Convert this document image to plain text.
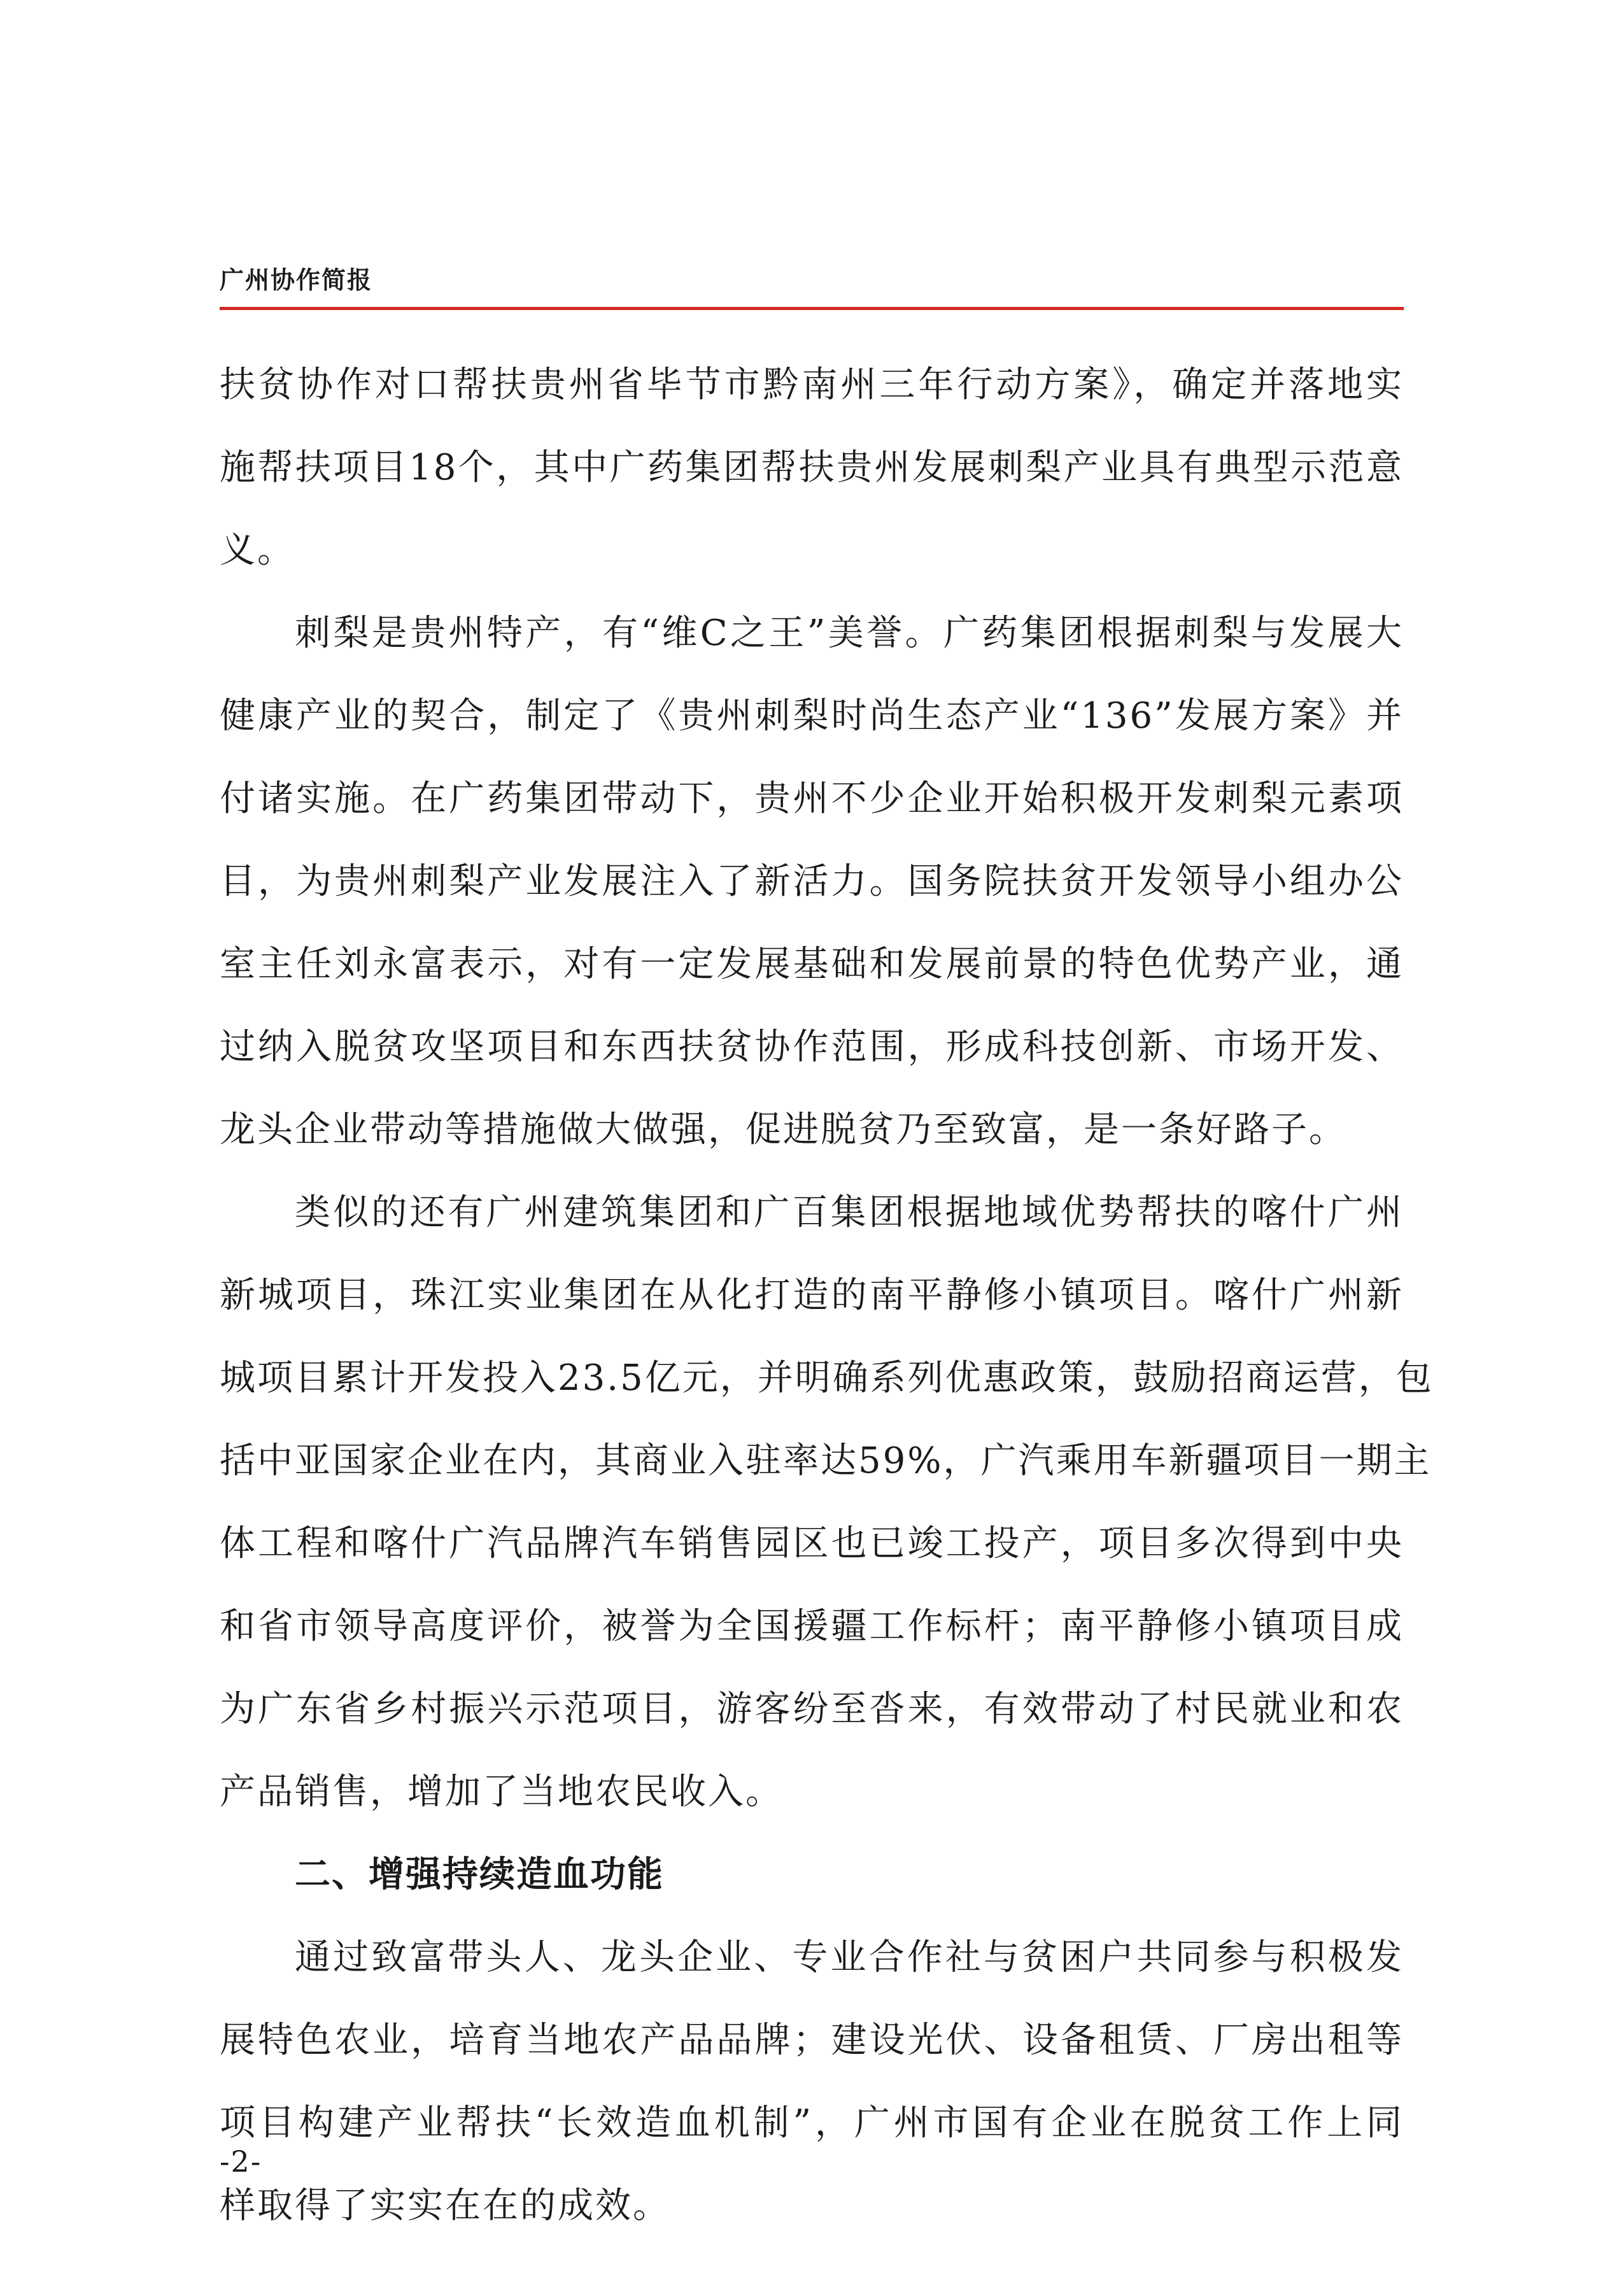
广州协作简报
扶贫协作对口帮扶贵州省毕节市黔南州三年行动方案》，确定并落地实
施帮扶项目18个，其中广药集团帮扶贵州发展刺梨产业具有典型示范意
义。
刺梨是贵州特产，有“维C之王”美誉。广药集团根据刺梨与发展大
健康产业的契合，制定了《贵州刺梨时尚生态产业“136”发展方案》并
付诸实施。在广药集团带动下，贵州不少企业开始积极开发刺梨元素项
目，为贵州刺梨产业发展注入了新活力。国务院扶贫开发领导小组办公
室主任刘永富表示，对有一定发展基础和发展前景的特色优势产业，通
过纳入脱贫攻坚项目和东西扶贫协作范围，形成科技创新、市场开发、
龙头企业带动等措施做大做强，促进脱贫乃至致富，是一条好路子。
类似的还有广州建筑集团和广百集团根据地域优势帮扶的喀什广州
新城项目，珠江实业集团在从化打造的南平静修小镇项目。喀什广州新
城项目累计开发投入23.5亿元，并明确系列优惠政策，鼓励招商运营，包
括中亚国家企业在内，其商业入驻率达59%，广汽乘用车新疆项目一期主
体工程和喀什广汽品牌汽车销售园区也已竣工投产，项目多次得到中央
和省市领导高度评价，被誉为全国援疆工作标杆；南平静修小镇项目成
为广东省乡村振兴示范项目，游客纷至沓来，有效带动了村民就业和农
产品销售，增加了当地农民收入。
二、增强持续造血功能
通过致富带头人、龙头企业、专业合作社与贫困户共同参与积极发
展特色农业，培育当地农产品品牌；建设光伏、设备租赁、厂房出租等
项目构建产业帮扶“长效造血机制”，广州市国有企业在脱贫工作上同
样取得了实实在在的成效。
-2-
